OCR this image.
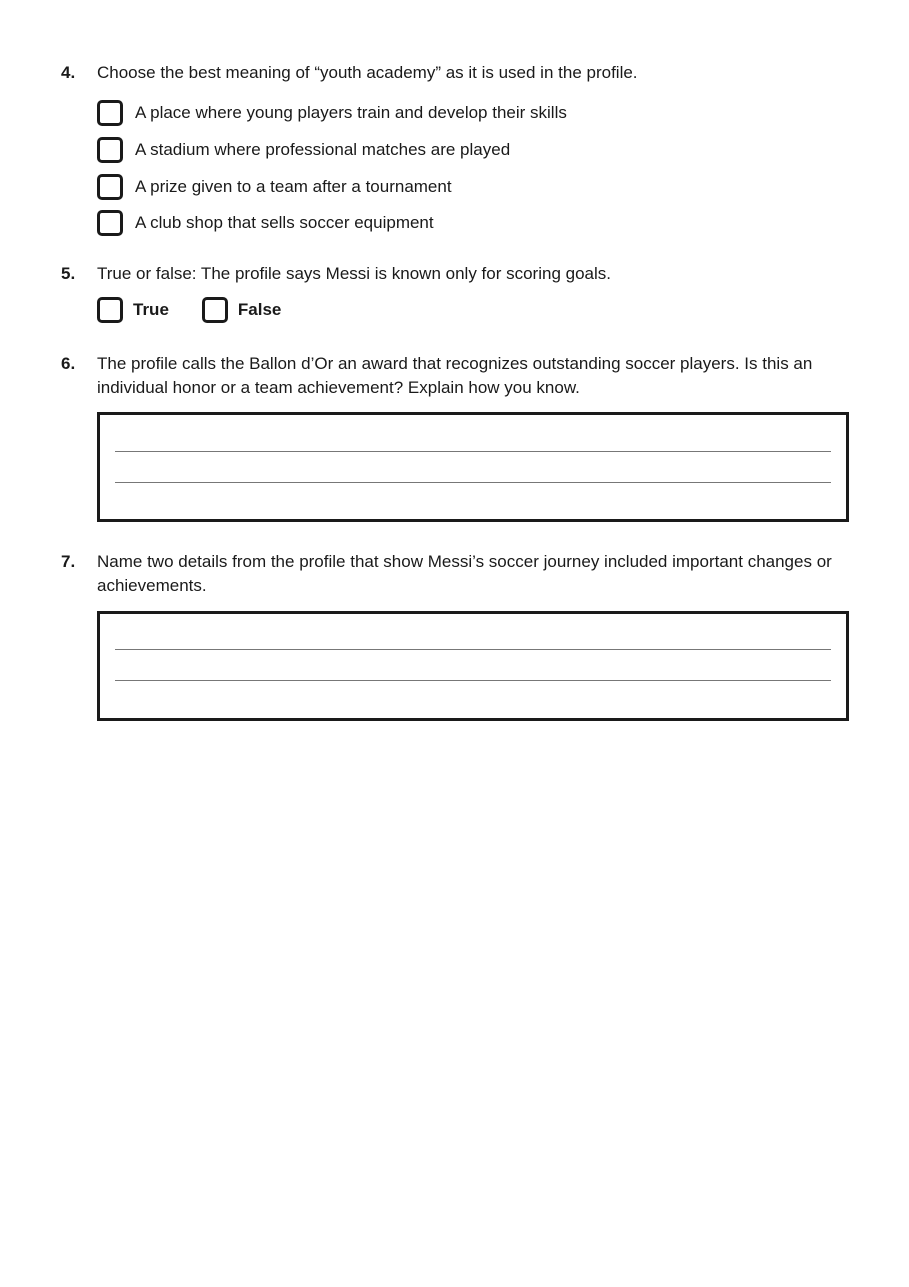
4. Choose the best meaning of “youth academy” as it is used in the profile.
A place where young players train and develop their skills
A stadium where professional matches are played
A prize given to a team after a tournament
A club shop that sells soccer equipment
5. True or false: The profile says Messi is known only for scoring goals.
True	False
6. The profile calls the Ballon d’Or an award that recognizes outstanding soccer players. Is this an individual honor or a team achievement? Explain how you know.
7. Name two details from the profile that show Messi’s soccer journey included important changes or achievements.
